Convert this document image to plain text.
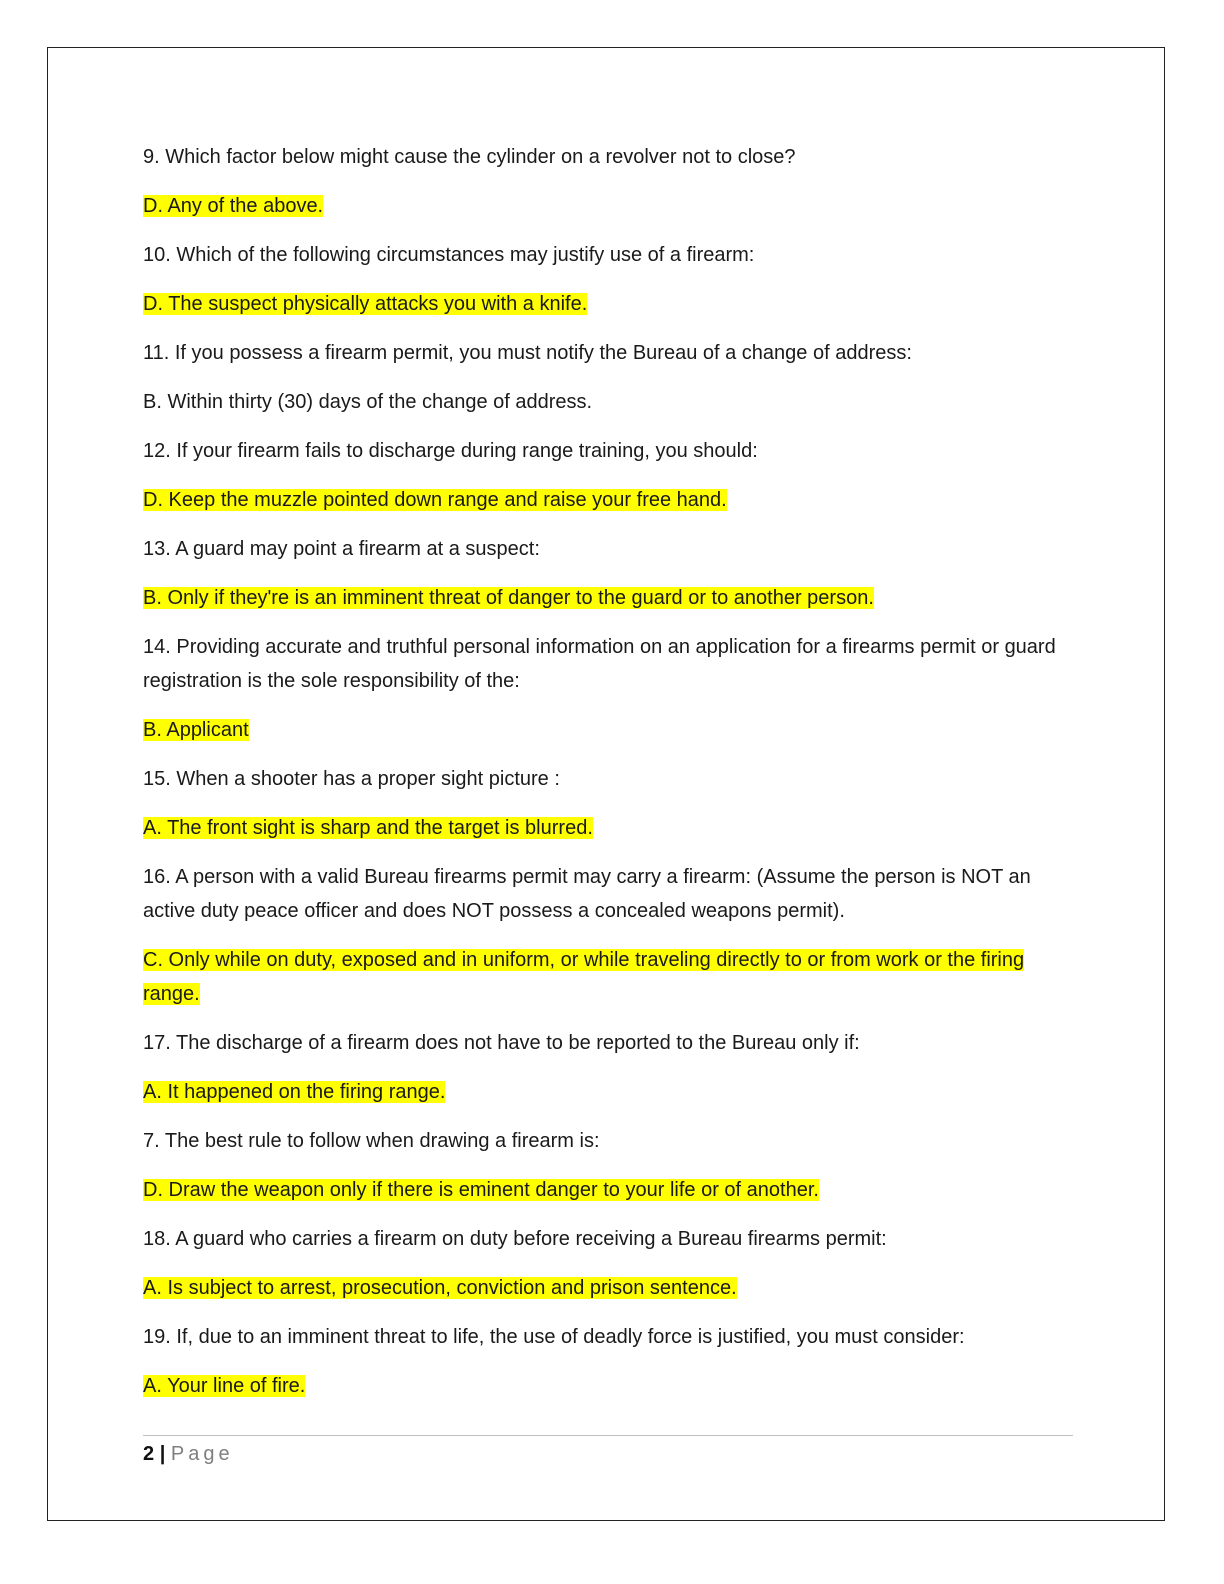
9. Which factor below might cause the cylinder on a revolver not to close?

D. Any of the above.

10. Which of the following circumstances may justify use of a firearm:

D. The suspect physically attacks you with a knife.

11. If you possess a firearm permit, you must notify the Bureau of a change of address:

B. Within thirty (30) days of the change of address.

12. If your firearm fails to discharge during range training, you should:

D. Keep the muzzle pointed down range and raise your free hand.

13. A guard may point a firearm at a suspect:

B. Only if they're is an imminent threat of danger to the guard or to another person.

14. Providing accurate and truthful personal information on an application for a firearms permit or guard registration is the sole responsibility of the:

B. Applicant

15. When a shooter has a proper sight picture :

A. The front sight is sharp and the target is blurred.

16. A person with a valid Bureau firearms permit may carry a firearm: (Assume the person is NOT an active duty peace officer and does NOT possess a concealed weapons permit).

C. Only while on duty, exposed and in uniform, or while traveling directly to or from work or the firing range.

17. The discharge of a firearm does not have to be reported to the Bureau only if:

A. It happened on the firing range.

7. The best rule to follow when drawing a firearm is:

D. Draw the weapon only if there is eminent danger to your life or of another.

18. A guard who carries a firearm on duty before receiving a Bureau firearms permit:

A. Is subject to arrest, prosecution, conviction and prison sentence.

19. If, due to an imminent threat to life, the use of deadly force is justified, you must consider:

A. Your line of fire.

2 | Page
